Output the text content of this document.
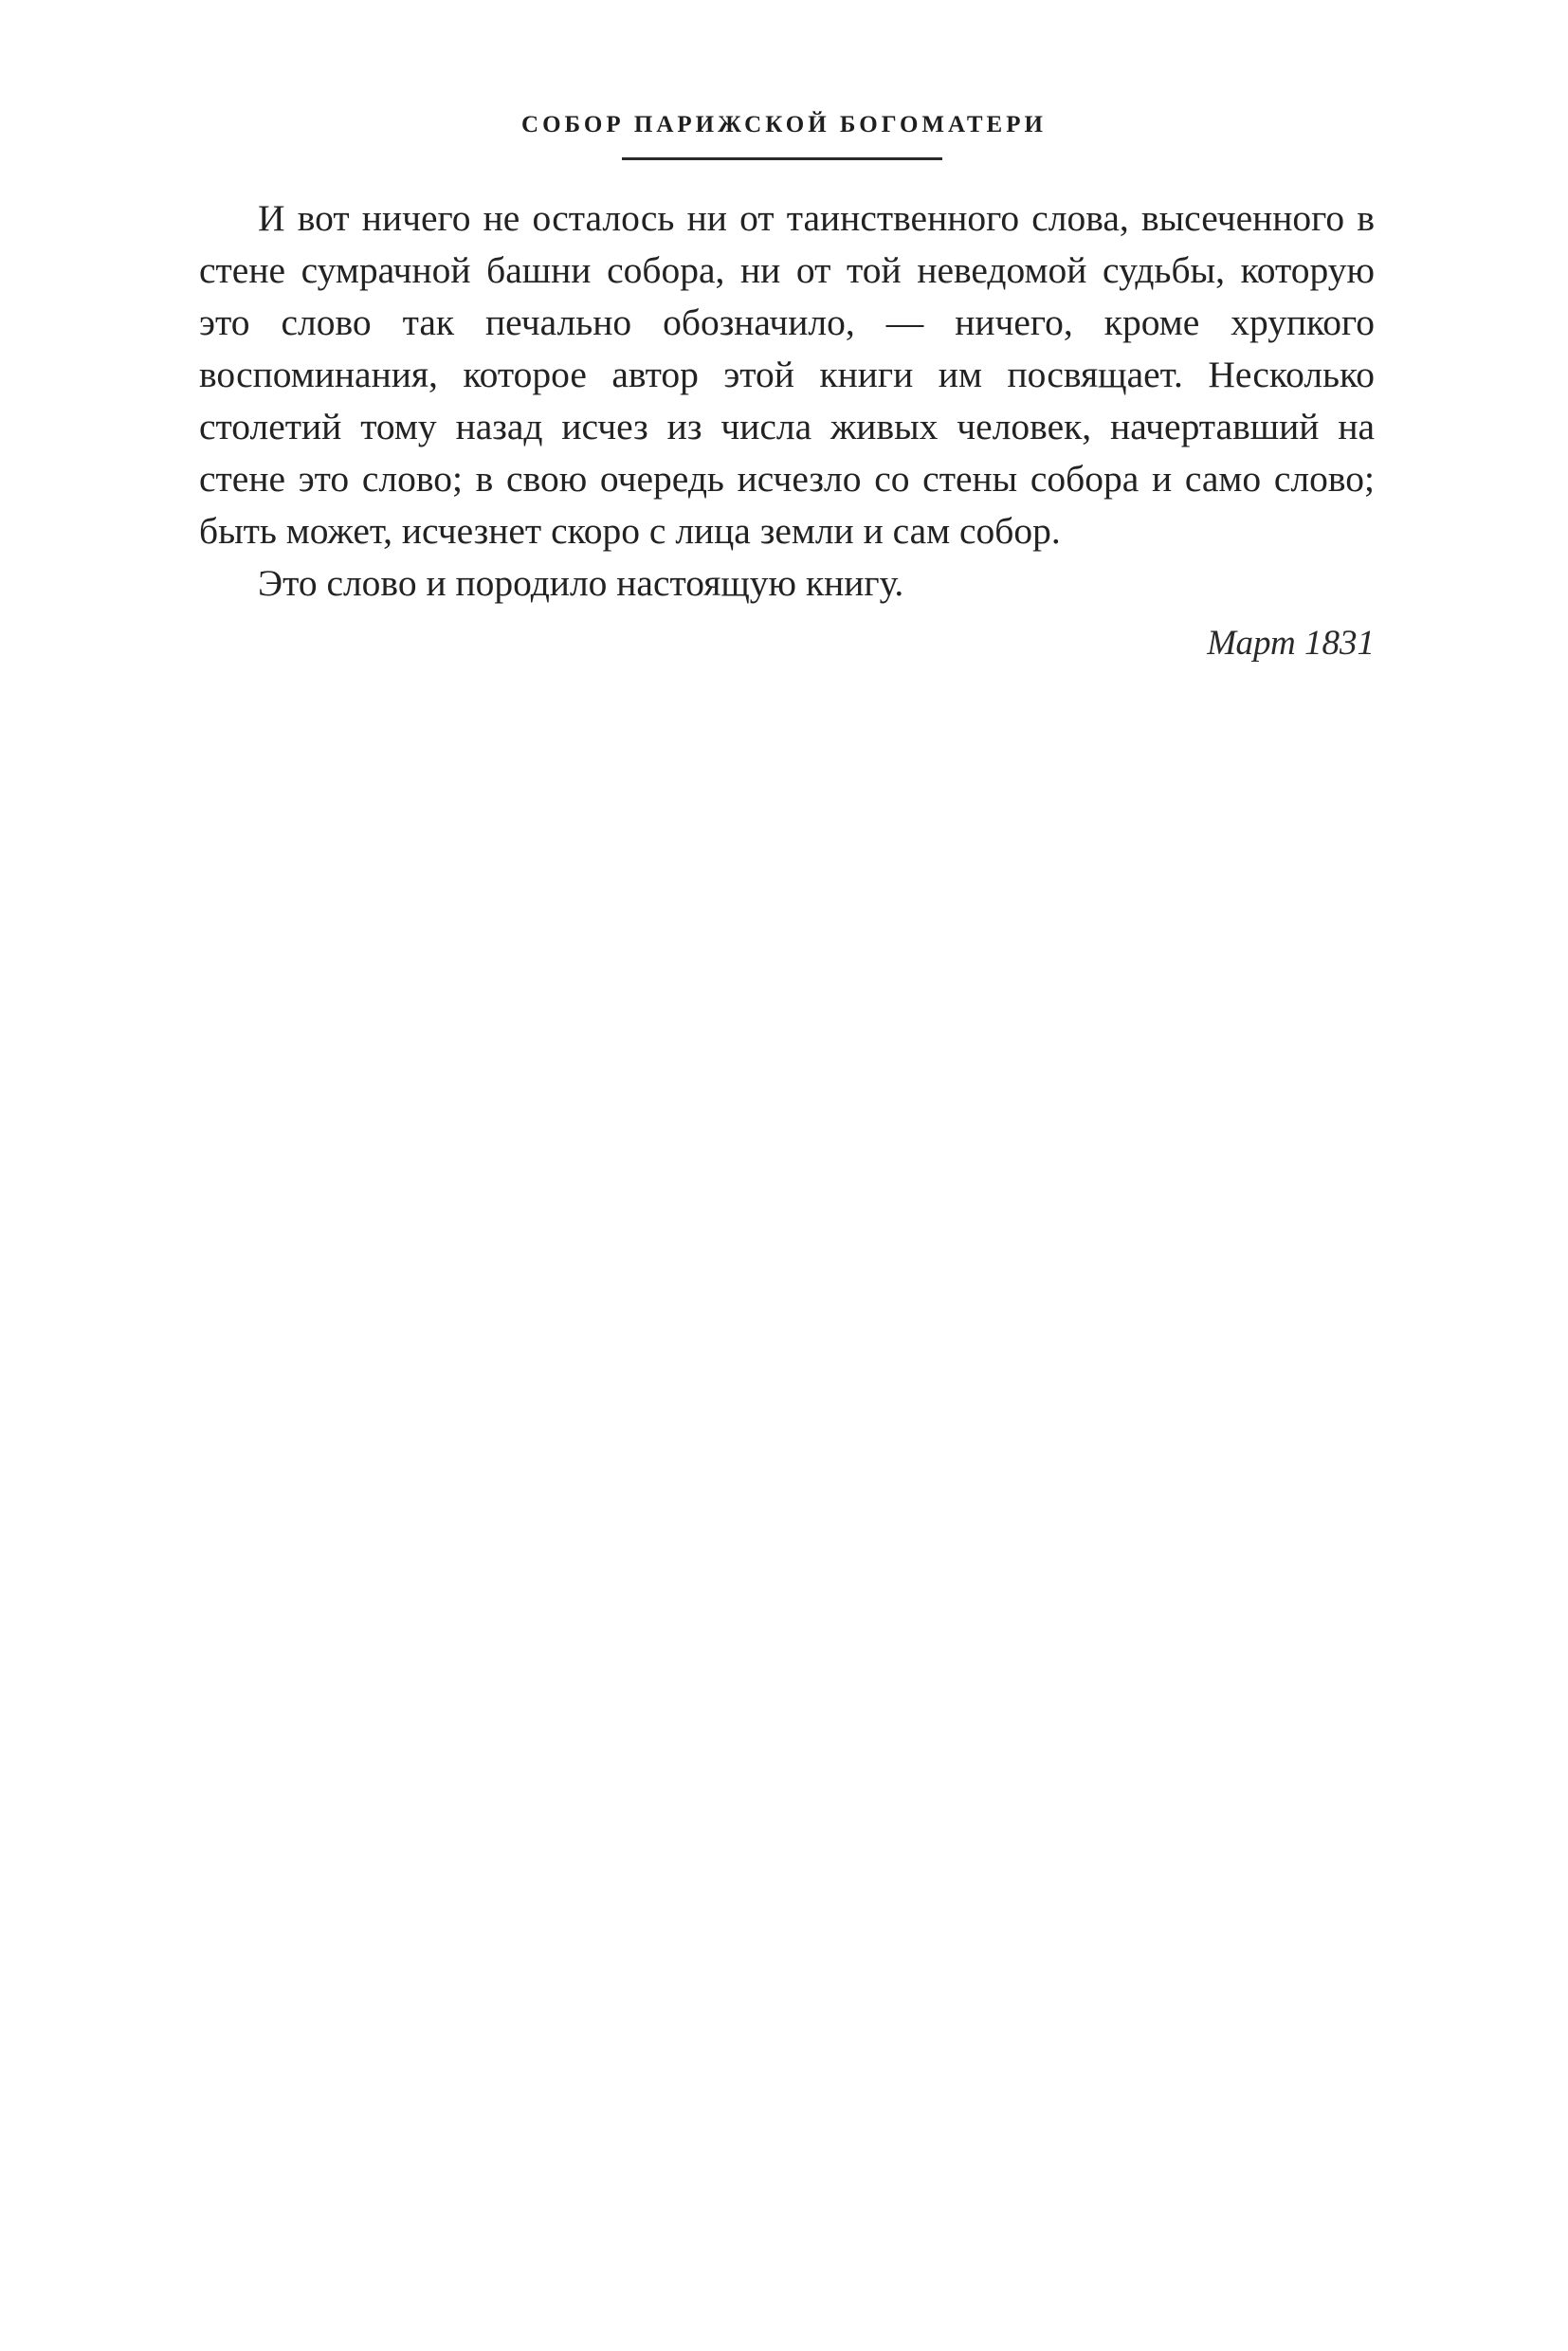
СОБОР ПАРИЖСКОЙ БОГОМАТЕРИ

И вот ничего не осталось ни от таинственного слова, высеченного в стене сумрачной башни собора, ни от той неведомой судьбы, которую это слово так печально обозначило, — ничего, кроме хрупкого воспоминания, которое автор этой книги им посвящает. Несколько столетий тому назад исчез из числа живых человек, начертавший на стене это слово; в свою очередь исчезло со стены собора и само слово; быть может, исчезнет скоро с лица земли и сам собор.

Это слово и породило настоящую книгу.

Март 1831
